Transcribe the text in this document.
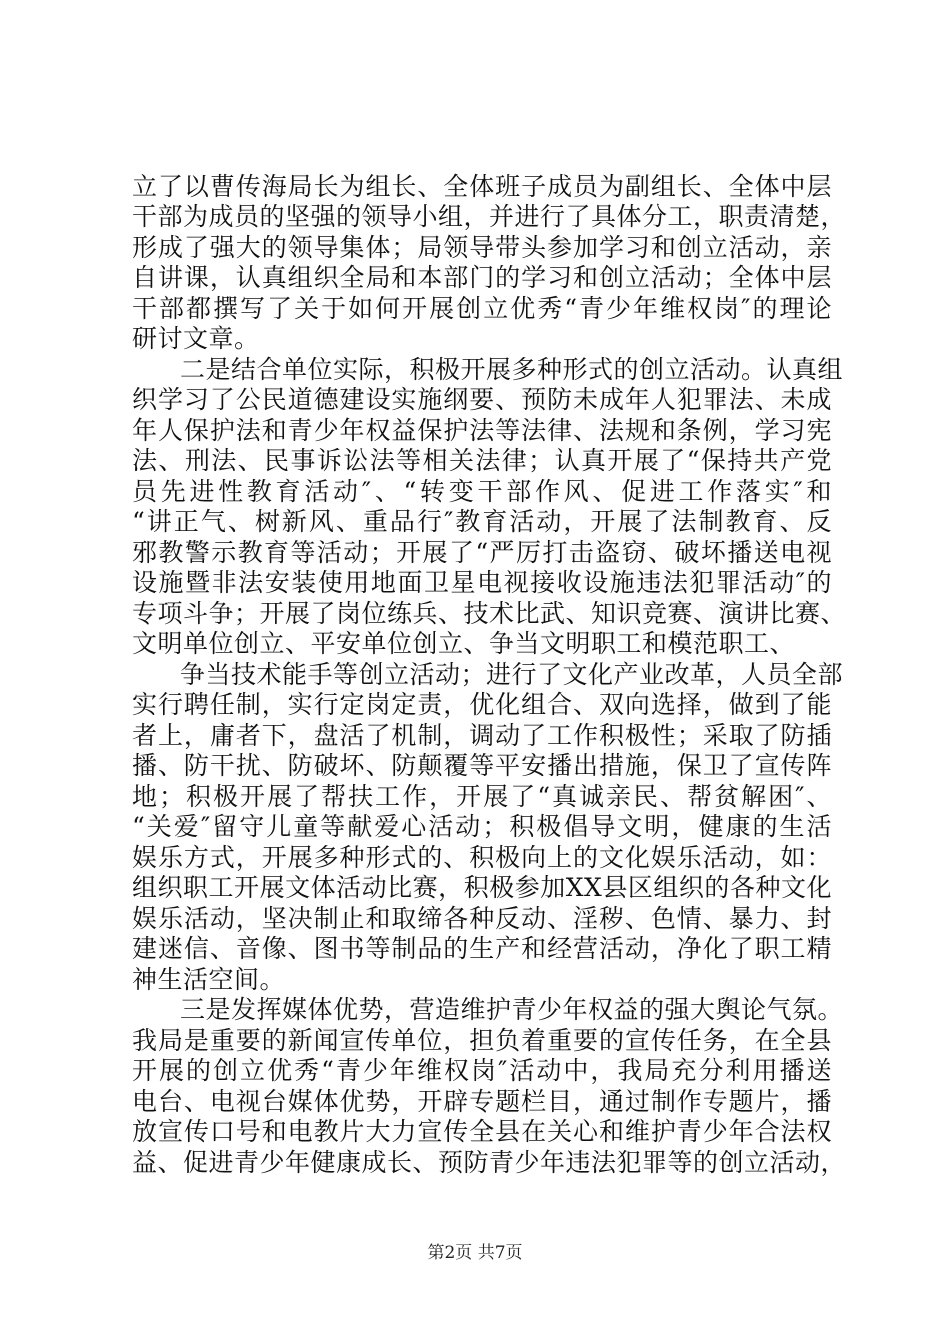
立了以曹传海局长为组长、全体班子成员为副组长、全体中层
干部为成员的坚强的领导小组，并进行了具体分工，职责清楚，
形成了强大的领导集体；局领导带头参加学习和创立活动，亲
自讲课，认真组织全局和本部门的学习和创立活动；全体中层
干部都撰写了关于如何开展创立优秀“青少年维权岗″的理论
研讨文章。
二是结合单位实际，积极开展多种形式的创立活动。认真组
织学习了公民道德建设实施纲要、预防未成年人犯罪法、未成
年人保护法和青少年权益保护法等法律、法规和条例，学习宪
法、刑法、民事诉讼法等相关法律；认真开展了“保持共产党
员先进性教育活动″、“转变干部作风、促进工作落实″和
“讲正气、树新风、重品行″教育活动，开展了法制教育、反
邪教警示教育等活动；开展了“严厉打击盗窃、破坏播送电视
设施暨非法安装使用地面卫星电视接收设施违法犯罪活动″的
专项斗争；开展了岗位练兵、技术比武、知识竞赛、演讲比赛、
文明单位创立、平安单位创立、争当文明职工和模范职工、
争当技术能手等创立活动；进行了文化产业改革，人员全部
实行聘任制，实行定岗定责，优化组合、双向选择，做到了能
者上，庸者下，盘活了机制，调动了工作积极性；采取了防插
播、防干扰、防破坏、防颠覆等平安播出措施，保卫了宣传阵
地；积极开展了帮扶工作，开展了“真诚亲民、帮贫解困″、
“关爱″留守儿童等献爱心活动；积极倡导文明，健康的生活
娱乐方式，开展多种形式的、积极向上的文化娱乐活动，如：
组织职工开展文体活动比赛，积极参加XX县区组织的各种文化
娱乐活动，坚决制止和取缔各种反动、淫秽、色情、暴力、封
建迷信、音像、图书等制品的生产和经营活动，净化了职工精
神生活空间。
三是发挥媒体优势，营造维护青少年权益的强大舆论气氛。
我局是重要的新闻宣传单位，担负着重要的宣传任务，在全县
开展的创立优秀“青少年维权岗″活动中，我局充分利用播送
电台、电视台媒体优势，开辟专题栏目，通过制作专题片，播
放宣传口号和电教片大力宣传全县在关心和维护青少年合法权
益、促进青少年健康成长、预防青少年违法犯罪等的创立活动，
第2页 共7页
